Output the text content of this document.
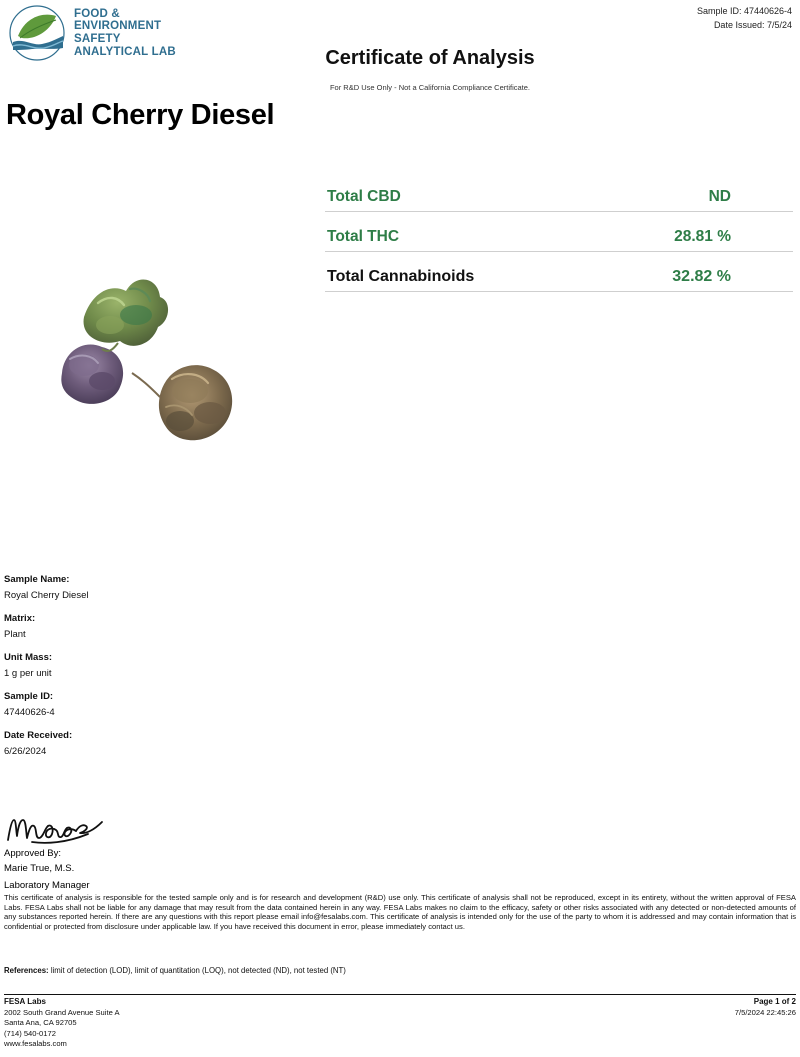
FOOD &
ENVIRONMENT
SAFETY
ANALYTICAL LAB
Sample ID: 47440626-4
Date Issued: 7/5/24
Certificate of Analysis
For R&D Use Only - Not a California Compliance Certificate.
Royal Cherry Diesel
Total CBD	ND
Total THC	28.81 %
Total Cannabinoids	32.82 %
Sample Name:
Royal Cherry Diesel
Matrix:
Plant
Unit Mass:
1 g per unit
Sample ID:
47440626-4
Date Received:
6/26/2024
Approved By:
Marie True, M.S.
Laboratory Manager
This certificate of analysis is responsible for the tested sample only and is for research and development (R&D) use only. This certificate of analysis shall not be reproduced, except in its entirety, without the written approval of FESA Labs. FESA Labs shall not be liable for any damage that may result from the data contained herein in any way. FESA Labs makes no claim to the efficacy, safety or other risks associated with any detected or non-detected amounts of any substances reported herein. If there are any questions with this report please email info@fesalabs.com. This certificate of analysis is intended only for the use of the party to whom it is addressed and may contain information that is confidential or protected from disclosure under applicable law. If you have received this document in error, please immediately contact us.
References: limit of detection (LOD), limit of quantitation (LOQ), not detected (ND), not tested (NT)
Page 1 of 2
7/5/2024 22:45:26
FESA Labs
2002 South Grand Avenue Suite A
Santa Ana, CA 92705
(714) 540-0172
www.fesalabs.com
